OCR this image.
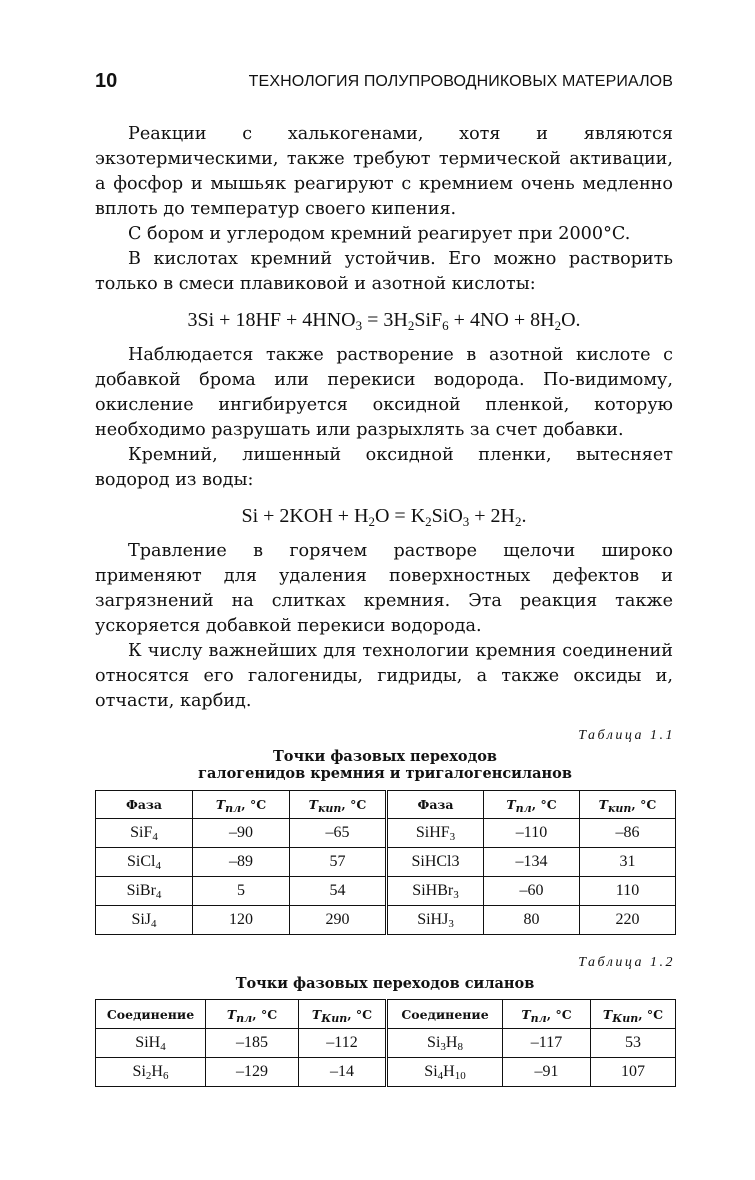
10	ТЕХНОЛОГИЯ ПОЛУПРОВОДНИКОВЫХ МАТЕРИАЛОВ

Реакции с халькогенами, хотя и являются экзотермическими, также требуют термической активации, а фосфор и мышьяк реагируют с кремнием очень медленно вплоть до температур своего кипения.

С бором и углеродом кремний реагирует при 2000°C.

В кислотах кремний устойчив. Его можно растворить только в смеси плавиковой и азотной кислоты:

$3Si + 18HF + 4HNO_3 = 3H_2SiF_6 + 4NO + 8H_2O$.

Наблюдается также растворение в азотной кислоте с добавкой брома или перекиси водорода. По-видимому, окисление ингибируется оксидной пленкой, которую необходимо разрушать или разрыхлять за счет добавки.

Кремний, лишенный оксидной пленки, вытесняет водород из воды:

$Si + 2KOH + H_2O = K_2SiO_3 + 2H_2$.

Травление в горячем растворе щелочи широко применяют для удаления поверхностных дефектов и загрязнений на слитках кремния. Эта реакция также ускоряется добавкой перекиси водорода.

К числу важнейших для технологии кремния соединений относятся его галогениды, гидриды, а также оксиды и, отчасти, карбид.

Таблица 1.1
Точки фазовых переходов
галогенидов кремния и тригалогенсиланов
Фаза	$T_{пл}$, °C	$T_{кип}$, °C	Фаза	$T_{пл}$, °C	$T_{кип}$, °C
SiF$_4$	–90	–65	SiHF$_3$	–110	–86
SiCl$_4$	–89	57	SiHCl3	–134	31
SiBr$_4$	5	54	SiHBr$_3$	–60	110
SiJ$_4$	120	290	SiHJ$_3$	80	220
Таблица 1.2
Точки фазовых переходов силанов
Соединение	$T_{пл}$, °C	$T_{Кип}$, °C	Соединение	$T_{пл}$, °C	$T_{Кип}$, °C
SiH$_4$	–185	–112	$Si_3H_8$	–117	53
$Si_2H_6$	–129	–14	$Si_4H_{10}$	–91	107
